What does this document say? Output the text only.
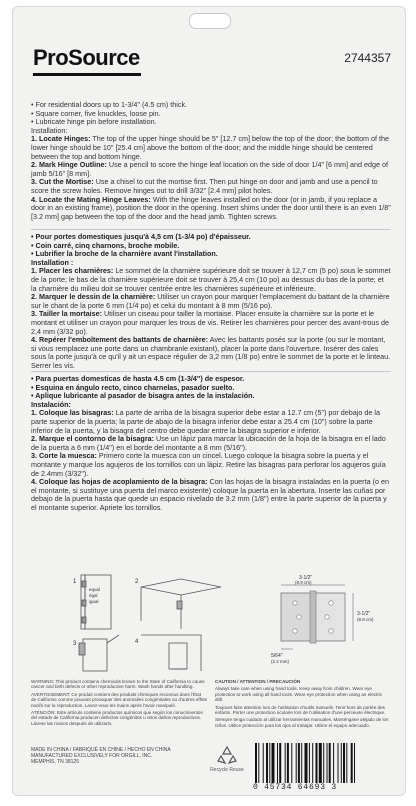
ProSource	2744357

• For residential doors up to 1-3/4" (4.5 cm) thick.

• Square corner, five knuckles, loose pin.

• Lubricate hinge pin before installation.

Installation:

1. Locate Hinges: The top of the upper hinge should be 5" [12.7 cm] below the top of the door; the bottom of the lower hinge should be 10" [25.4 cm] above the bottom of the door; and the middle hinge should be centered between the top and bottom hinge.

2. Mark Hinge Outline: Use a pencil to score the hinge leaf location on the side of door 1/4" [6 mm] and edge of jamb 5/16" [8 mm].

3. Cut the Mortise: Use a chisel to cut the mortise first. Then put hinge on door and jamb and use a pencil to score the screw holes. Remove hinges out to drill 3/32" [2.4 mm] pilot holes.

4. Locate the Mating Hinge Leaves: With the hinge leaves installed on the door (or in jamb, if you replace a door in an existing frame), position the door in the opening. Insert shims under the door until there is an even 1/8" [3.2 mm] gap between the top of the door and the head jamb. Tighten screws.

• Pour portes domestiques jusqu'à 4,5 cm (1-3/4 po) d'épaisseur.

• Coin carré, cinq charnons, broche mobile.

• Lubrifier la broche de la charnière avant l'installation.

Installation :

1. Placer les charnières: Le sommet de la charnière supérieure doit se trouver à 12,7 cm (5 po) sous le sommet de la porte; le bas de la charnière supérieure doit se trouver à 25,4 cm (10 po) au dessus du bas de la porte; et la charnière du milieu doit se trouver centrée entre les charnières supérieure et inférieure.

2. Marquer le dessin de la charnière: Utiliser un crayon pour marquer l'emplacement du battant de la charnière sur le chant de la porte 6 mm (1/4 po) et celui du montant à 8 mm (5/16 po).

3. Tailler la mortaise: Utiliser un ciseau pour tailler la mortaise. Placer ensuite la charnière sur la porte et le montant et utiliser un crayon pour marquer les trous de vis. Retirer les charnières pour percer des avant-trous de 2,4 mm (3/32 po).

4. Repérer l'emboîtement des battants de charnière: Avec les battants posés sur la porte (ou sur le montant, si vous remplacez une porte dans un chambranle existant), placer la porte dans l'ouverture. Insérer des cales sous la porte jusqu'à ce qu'il y ait un espace régulier de 3,2 mm (1/8 po) entre le sommet de la porte et le linteau. Serrer les vis.

• Para puertas domesticas de hasta 4.5 cm (1-3/4") de espesor.

• Esquina en ángulo recto, cinco charnelas, pasador suelto.

• Aplique lubricante al pasador de bisagra antes de la instalación.

Instalación:

1. Coloque las bisagras: La parte de arriba de la bisagra superior debe estar a 12.7 cm (5") por debajo de la parte superior de la puerta; la parte de abajo de la bisagra inferior debe estar a 25.4 cm (10") sobre la parte inferior de la puerta, y la bisagra del centro debe quedar entre la bisagra superior e inferior.

2. Marque el contorno de la bisagra: Use un lápiz para marcar la ubicación de la hoja de la bisagra en el lado de la puerta a 6 mm (1/4") en el borde del montante a 8 mm (5/16").

3. Corte la muesca: Primero corte la muesca con un cincel. Luego coloque la bisagra sobre la puerta y el montante y marque los agujeros de los tornillos con un lápiz. Retire las bisagras para perforar los agujeros guía de 2.4mm (3/32").

4. Coloque las hojas de acoplamiento de la bisagra: Con las hojas de la bisagra instaladas en la puerta (o en el montante, si sustituye una puerta del marco existente) coloque la puerta en la abertura. Inserte las cuñas por debajo de la puerta hasta que quede un espacio nivelado de 3.2 mm (1/8") entre la parte superior de la puerta y el montante superior. Apriete los tornillos.

1
equal
égal
igual
2
3	4
3-1/2"
(8.9 cm)
3-1/2"
(8.9 cm)
5/64"
(2.2 mm)

WARNING: This product contains chemicals known to the State of California to cause cancer and birth defects or other reproductive harm. Wash hands after handling.

AVERTISSEMENT: Ce produit contient des produits chimiques reconnus dans l'État de Californie comme pouvant provoquer des anomalies congénitales ou d'autres effets nocifs sur la reproduction. Lavez-vous les mains après l'avoir manipulé.

ATENCIÓN: Este artículo contiene productos químicos que según los conocimientos del estado de California producen defectos congénitos u otros daños reproductivos. Lávese las manos después de utilizarlo.

CAUTION / ATTENTION / PRECAUCIÓN

Always take care when using hand tools. Keep away from children. Wear eye protection to work using all hand tools. Wear eye protection when using an electric drill.

Toujours faire attention lors de l'utilisation d'outils manuels. Tenir hors de portée des enfants. Porter une protection oculaire lors de l'utilisation d'une perceuse électrique.

Siempre tenga cuidado al utilizar herramientas manuales. Manténgase alejado de los niños. Utilice protección para los ojos al trabajar. Utilice el equipo adecuado.

MADE IN CHINA / FABRIQUÉ EN CHINE / HECHO EN CHINA
MANUFACTURED EXCLUSIVELY FOR ORGILL, INC.
MEMPHIS, TN 38125
Recycle Reuse
0 45734 64693 3
